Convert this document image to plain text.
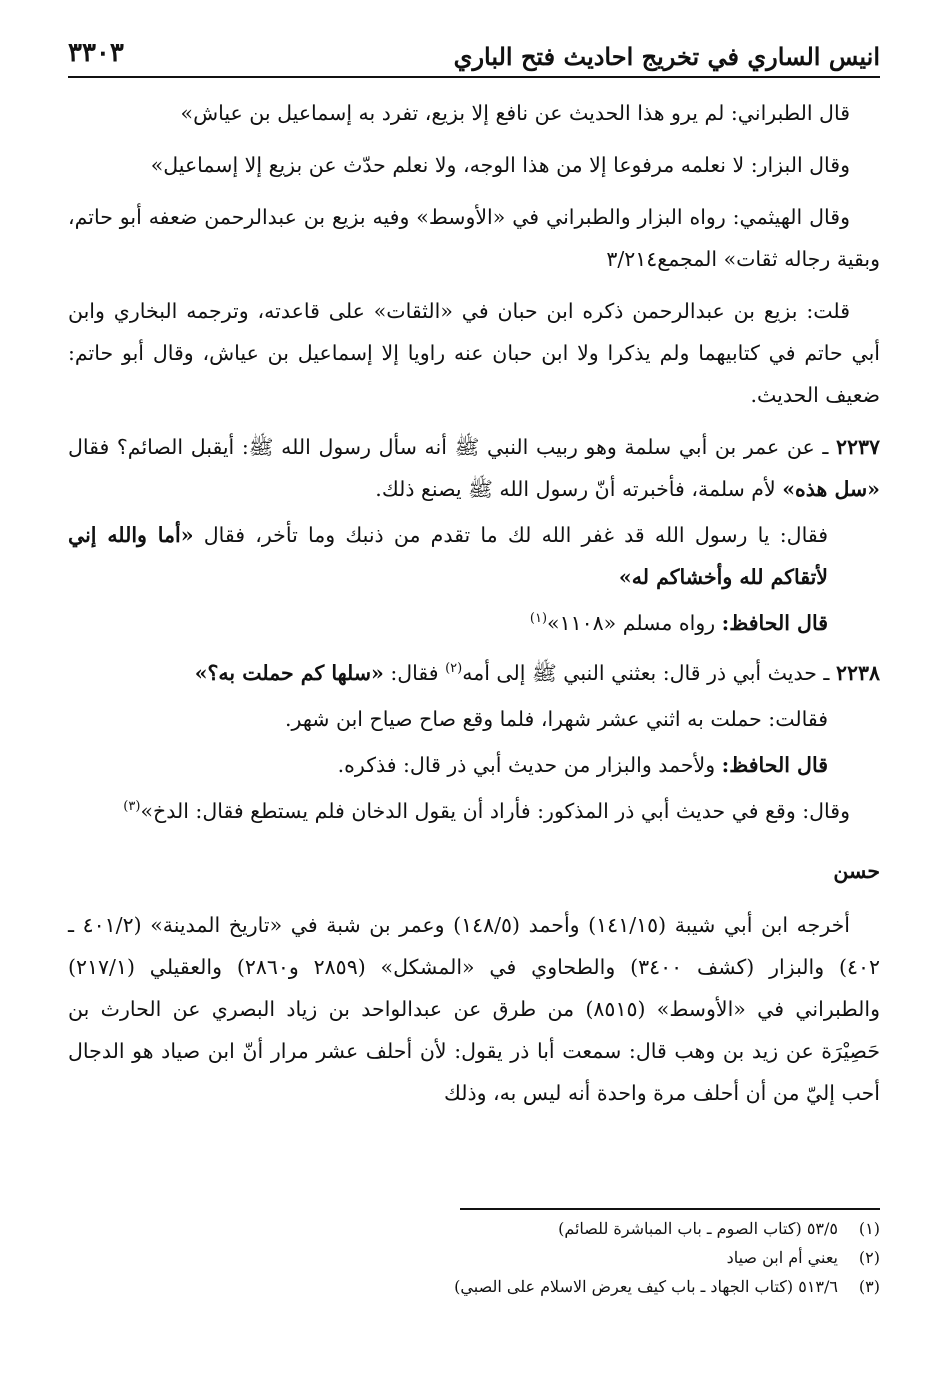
انيس الساري في تخريج احاديث فتح الباري
٣٣٠٣

قال الطبراني: لم يرو هذا الحديث عن نافع إلا بزيع، تفرد به إسماعيل بن عياش»

وقال البزار: لا نعلمه مرفوعا إلا من هذا الوجه، ولا نعلم حدّث عن بزيع إلا إسماعيل»

وقال الهيثمي: رواه البزار والطبراني في «الأوسط» وفيه بزيع بن عبدالرحمن ضعفه أبو حاتم، وبقية رجاله ثقات» المجمع٣/٢١٤

قلت: بزيع بن عبدالرحمن ذكره ابن حبان في «الثقات» على قاعدته، وترجمه البخاري وابن أبي حاتم في كتابيهما ولم يذكرا ولا ابن حبان عنه راويا إلا إسماعيل بن عياش، وقال أبو حاتم: ضعيف الحديث.

٢٢٣٧ ـ عن عمر بن أبي سلمة وهو ربيب النبي ﷺ أنه سأل رسول الله ﷺ: أيقبل الصائم؟ فقال «سل هذه» لأم سلمة، فأخبرته أنّ رسول الله ﷺ يصنع ذلك.

فقال: يا رسول الله قد غفر الله لك ما تقدم من ذنبك وما تأخر، فقال «أما والله إني لأتقاكم لله وأخشاكم له»

قال الحافظ: رواه مسلم «١١٠٨»$^{(١)}$

٢٢٣٨ ـ حديث أبي ذر قال: بعثني النبي ﷺ إلى أمه$^{(٢)}$ فقال: «سلها كم حملت به؟»

فقالت: حملت به اثني عشر شهرا، فلما وقع صاح صياح ابن شهر.

قال الحافظ: ولأحمد والبزار من حديث أبي ذر قال: فذكره.

وقال: وقع في حديث أبي ذر المذكور: فأراد أن يقول الدخان فلم يستطع فقال: الدخ»$^{(٣)}$

حسن

أخرجه ابن أبي شيبة (١٤١/١٥) وأحمد (١٤٨/٥) وعمر بن شبة في «تاريخ المدينة» (٤٠١/٢ ـ ٤٠٢) والبزار (كشف ٣٤٠٠) والطحاوي في «المشكل» (٢٨٥٩ و٢٨٦٠) والعقيلي (٢١٧/١) والطبراني في «الأوسط» (٨٥١٥) من طرق عن عبدالواحد بن زياد البصري عن الحارث بن حَصِيْرَة عن زيد بن وهب قال: سمعت أبا ذر يقول: لأن أحلف عشر مرار أنّ ابن صياد هو الدجال أحب إليّ من أن أحلف مرة واحدة أنه ليس به، وذلك

(١)٥٣/٥ (كتاب الصوم ـ باب المباشرة للصائم)
(٢)يعني أم ابن صياد
(٣)٥١٣/٦ (كتاب الجهاد ـ باب كيف يعرض الاسلام على الصبي)
